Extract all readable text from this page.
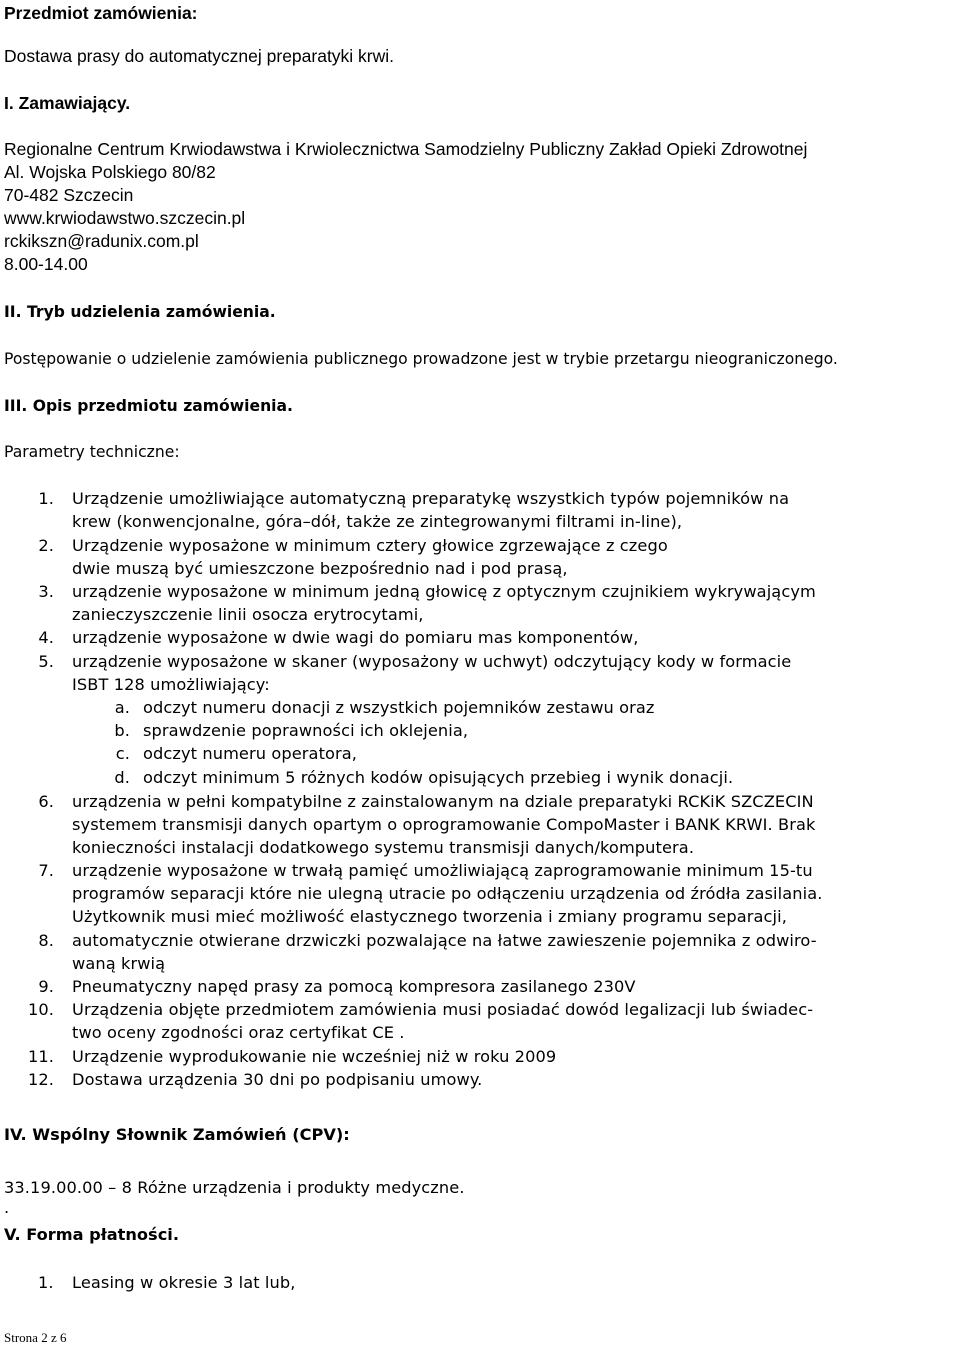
Przedmiot zamówienia:
Dostawa prasy do automatycznej preparatyki krwi.
I. Zamawiający.
Regionalne Centrum Krwiodawstwa i Krwiolecznictwa Samodzielny Publiczny Zakład Opieki Zdrowotnej
Al. Wojska Polskiego 80/82
70-482 Szczecin
www.krwiodawstwo.szczecin.pl
rckikszn@radunix.com.pl
8.00-14.00
II. Tryb udzielenia zamówienia.
Postępowanie o udzielenie zamówienia publicznego prowadzone jest w trybie przetargu nieograniczonego.
III. Opis przedmiotu zamówienia.
Parametry techniczne:
1. Urządzenie umożliwiające automatyczną preparatykę wszystkich typów pojemników na
krew (konwencjonalne, góra–dół, także ze zintegrowanymi filtrami in-line),
2. Urządzenie wyposażone w minimum cztery głowice zgrzewające z czego
dwie muszą być umieszczone bezpośrednio nad i pod prasą,
3. urządzenie wyposażone w minimum jedną głowicę z optycznym czujnikiem wykrywającym
zanieczyszczenie linii osocza erytrocytami,
4. urządzenie wyposażone w dwie wagi do pomiaru mas komponentów,
5. urządzenie wyposażone w skaner (wyposażony w uchwyt) odczytujący kody w formacie
ISBT 128 umożliwiający:
a. odczyt numeru donacji z wszystkich pojemników zestawu oraz
b. sprawdzenie poprawności ich oklejenia,
c. odczyt numeru operatora,
d. odczyt minimum 5 różnych kodów opisujących przebieg i wynik donacji.
6. urządzenia w pełni kompatybilne z zainstalowanym na dziale preparatyki RCKiK SZCZECIN
systemem transmisji danych opartym o oprogramowanie CompoMaster i BANK KRWI. Brak
konieczności instalacji dodatkowego systemu transmisji danych/komputera.
7. urządzenie wyposażone w trwałą pamięć umożliwiającą zaprogramowanie minimum 15-tu
programów separacji które nie ulegną utracie po odłączeniu urządzenia od źródła zasilania.
Użytkownik musi mieć możliwość elastycznego tworzenia i zmiany programu separacji,
8. automatycznie otwierane drzwiczki pozwalające na łatwe zawieszenie pojemnika z odwiro-
waną krwią
9. Pneumatyczny napęd prasy za pomocą kompresora zasilanego 230V
10. Urządzenia objęte przedmiotem zamówienia musi posiadać dowód legalizacji lub świadec-
two oceny zgodności oraz certyfikat CE .
11. Urządzenie wyprodukowanie nie wcześniej niż w roku 2009
12. Dostawa urządzenia 30 dni po podpisaniu umowy.
IV. Wspólny Słownik Zamówień (CPV):
33.19.00.00 – 8 Różne urządzenia i produkty medyczne.
.
V. Forma płatności.
1. Leasing w okresie 3 lat lub,
Strona 2 z 6
